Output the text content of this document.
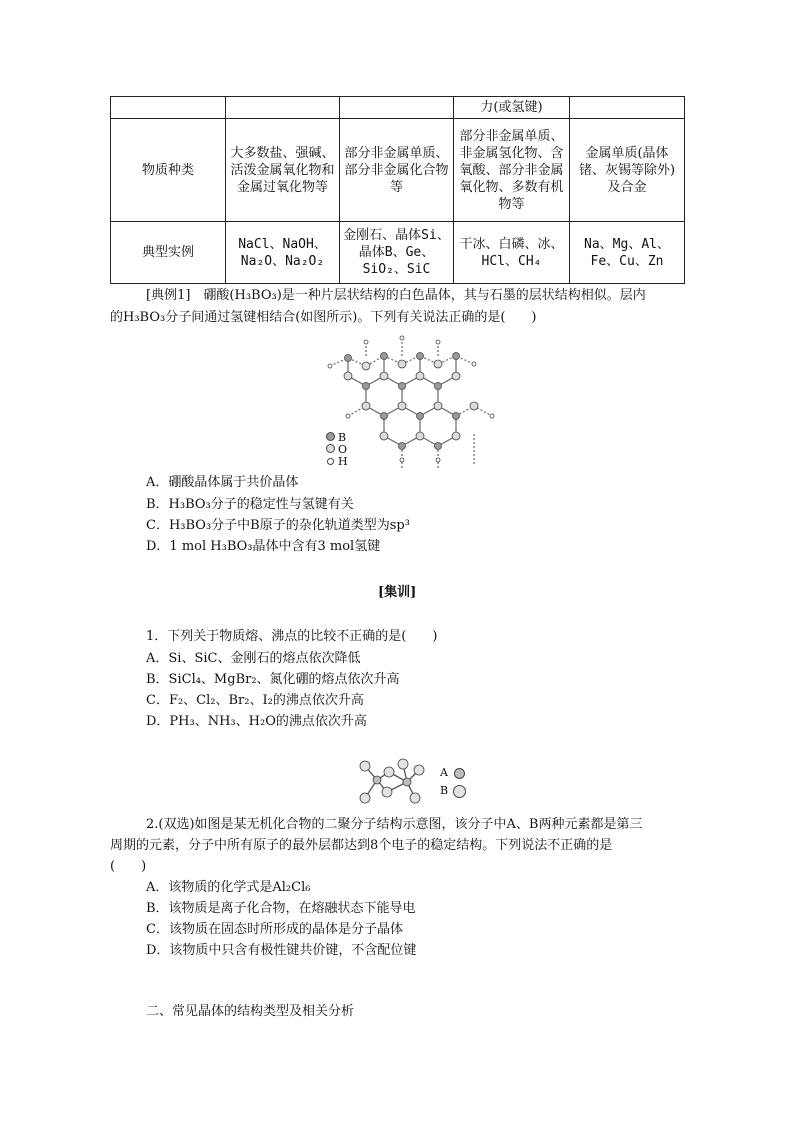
			力(或氢键)	
物质种类	大多数盐、强碱、活泼金属氧化物和金属过氧化物等	部分非金属单质、部分非金属化合物等	部分非金属单质、非金属氢化物、含氧酸、部分非金属氧化物、多数有机物等	金属单质(晶体锗、灰锡等除外)及合金
典型实例	NaCl、NaOH、Na₂O、Na₂O₂	金刚石、晶体Si、晶体B、Ge、SiO₂、SiC	干冰、白磷、冰、HCl、CH₄	Na、Mg、Al、Fe、Cu、Zn
[典例1]　硼酸(H₃BO₃)是一种片层状结构的白色晶体，其与石墨的层状结构相似。层内
的H₃BO₃分子间通过氢键相结合(如图所示)。下列有关说法正确的是(　　)
B
O
H
A．硼酸晶体属于共价晶体
B．H₃BO₃分子的稳定性与氢键有关
C．H₃BO₃分子中B原子的杂化轨道类型为sp³
D．1 mol H₃BO₃晶体中含有3 mol氢键
[集训]
1．下列关于物质熔、沸点的比较不正确的是(　　)
A．Si、SiC、金刚石的熔点依次降低
B．SiCl₄、MgBr₂、氮化硼的熔点依次升高
C．F₂、Cl₂、Br₂、I₂的沸点依次升高
D．PH₃、NH₃、H₂O的沸点依次升高
A
B
2.(双选)如图是某无机化合物的二聚分子结构示意图，该分子中A、B两种元素都是第三
周期的元素，分子中所有原子的最外层都达到8个电子的稳定结构。下列说法不正确的是
(　　)
A．该物质的化学式是Al₂Cl₆
B．该物质是离子化合物，在熔融状态下能导电
C．该物质在固态时所形成的晶体是分子晶体
D．该物质中只含有极性键共价键，不含配位键
二、常见晶体的结构类型及相关分析
